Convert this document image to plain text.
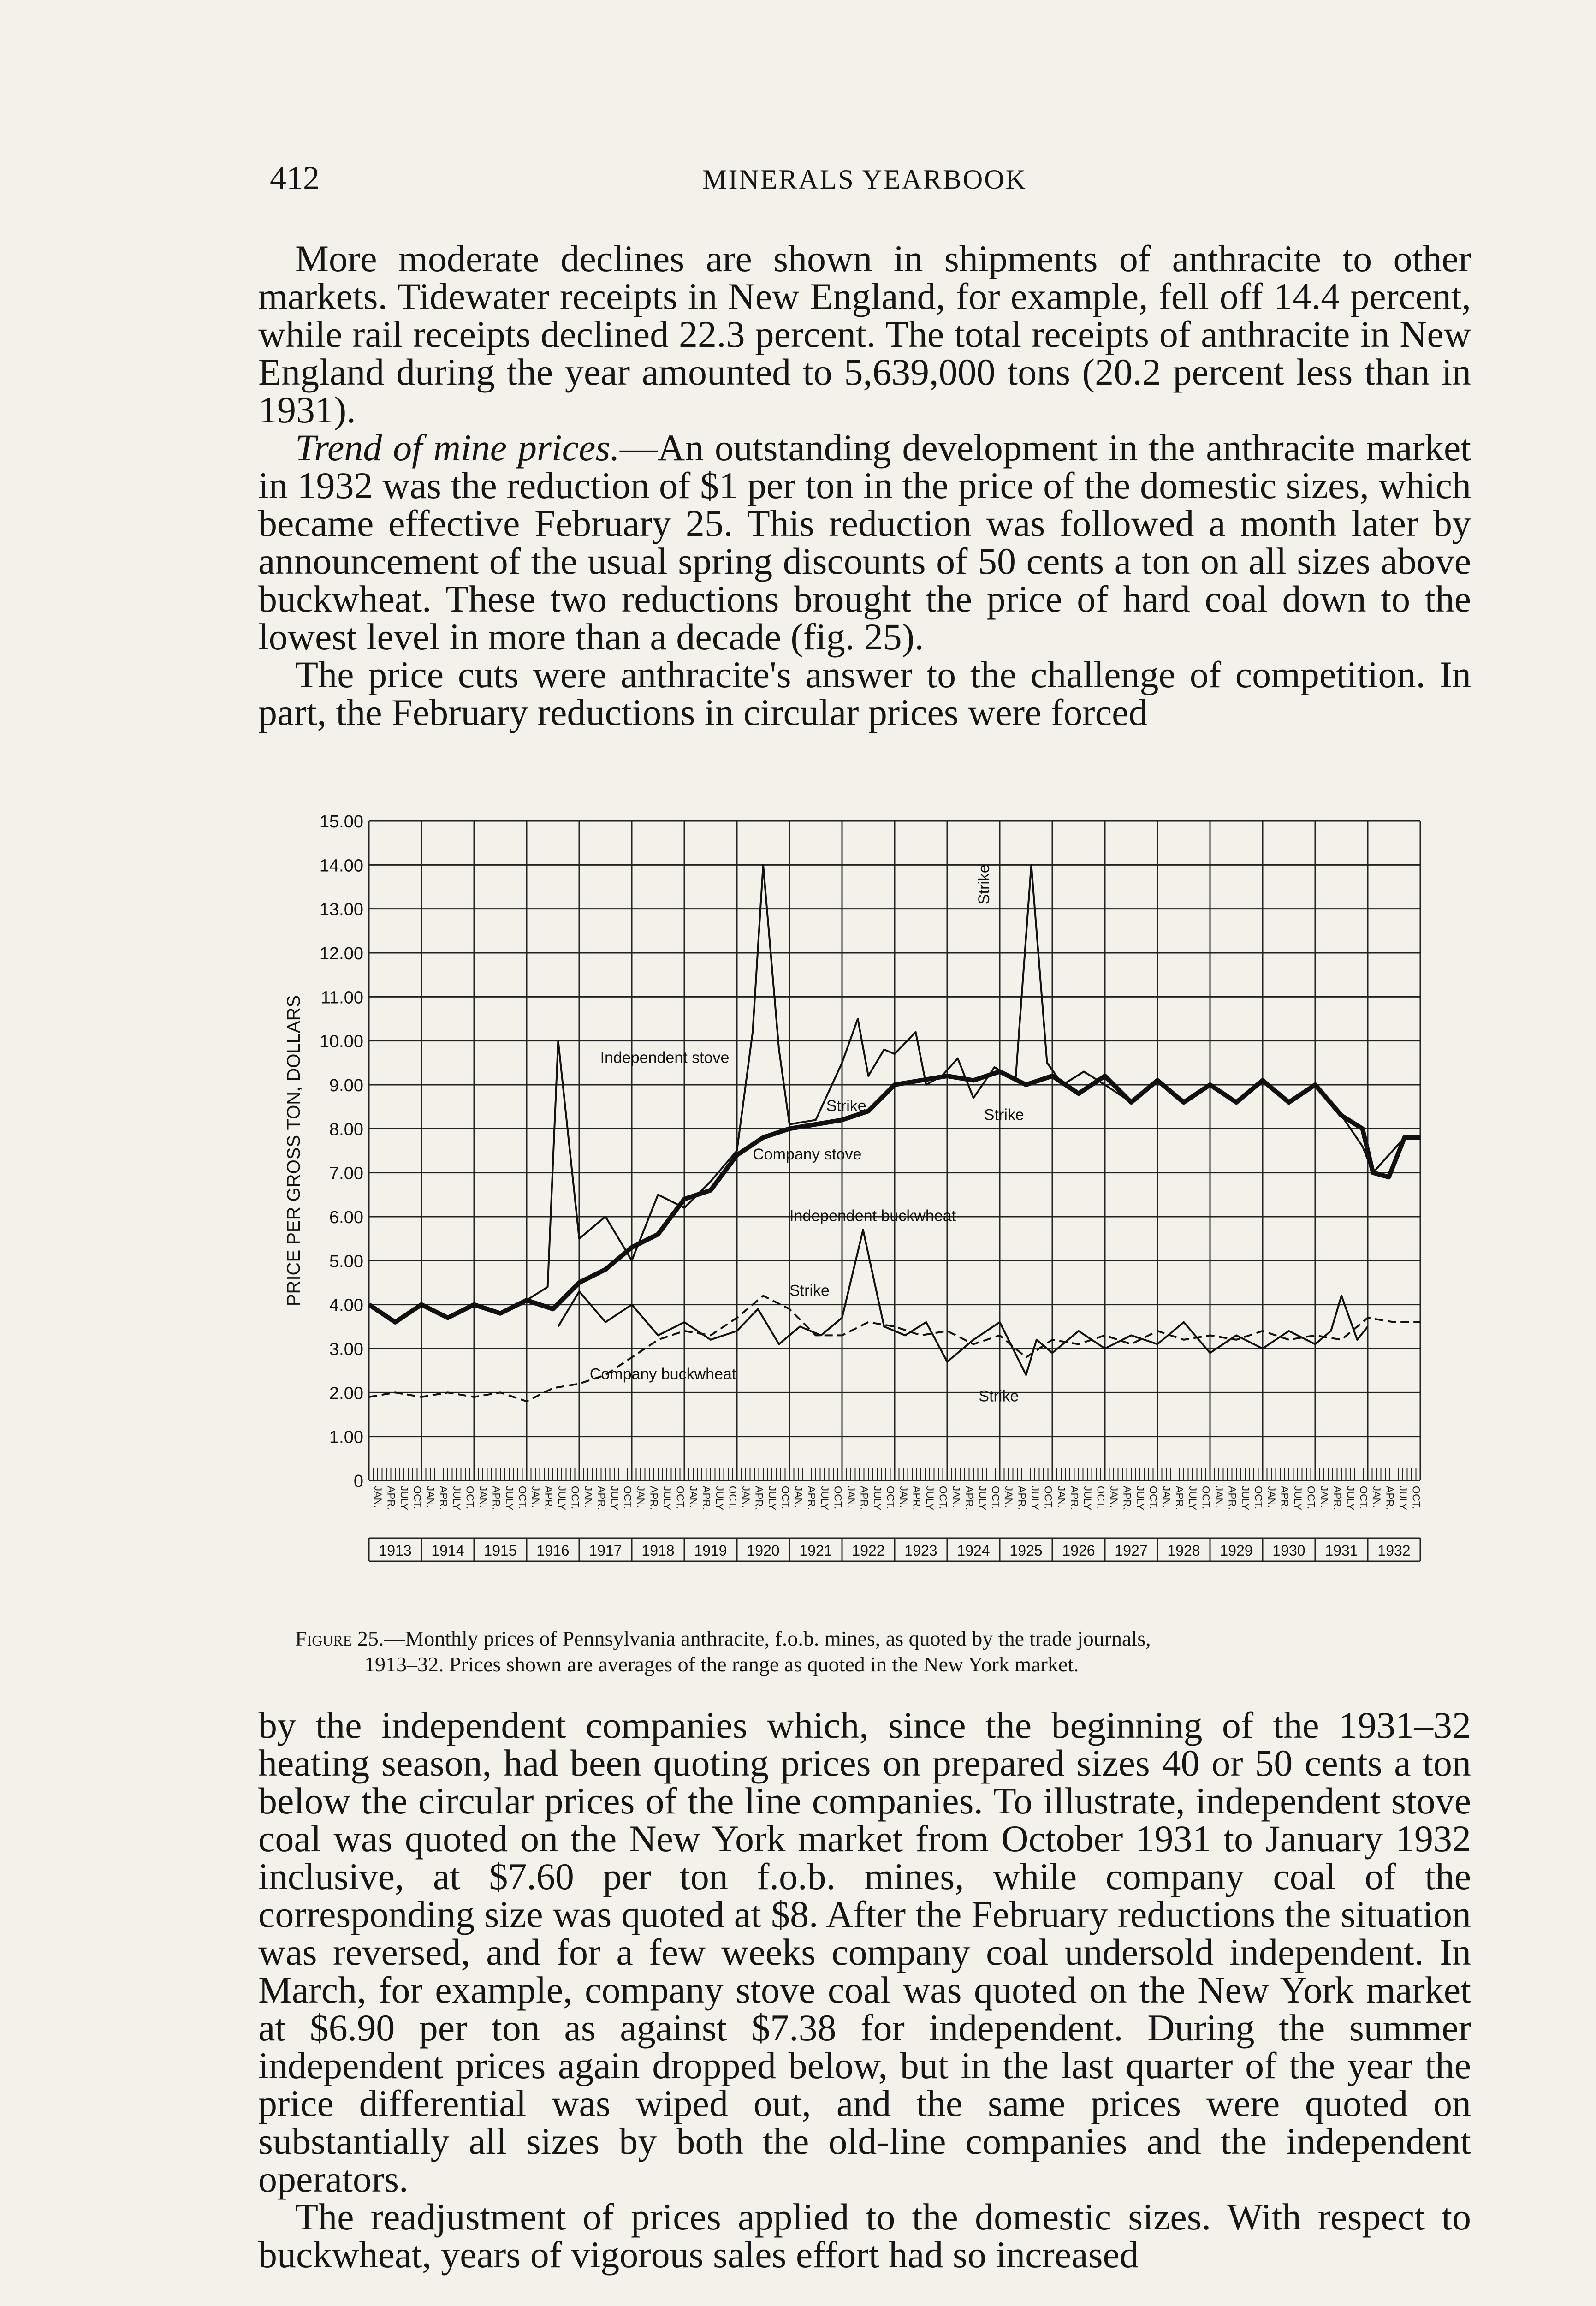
412	MINERALS YEARBOOK

More moderate declines are shown in shipments of anthracite to other markets. Tidewater receipts in New England, for example, fell off 14.4 percent, while rail receipts declined 22.3 percent. The total receipts of anthracite in New England during the year amounted to 5,639,000 tons (20.2 percent less than in 1931).

Trend of mine prices.—An outstanding development in the anthracite market in 1932 was the reduction of $1 per ton in the price of the domestic sizes, which became effective February 25. This reduction was followed a month later by announcement of the usual spring discounts of 50 cents a ton on all sizes above buckwheat. These two reductions brought the price of hard coal down to the lowest level in more than a decade (fig. 25).

The price cuts were anthracite's answer to the challenge of competition. In part, the February reductions in circular prices were forced

0
1.00
2.00
3.00
4.00
5.00
6.00
7.00
8.00
9.00
10.00
11.00
12.00
13.00
14.00
15.00
JAN. APR. JULY OCT. JAN. APR. JULY OCT. JAN. APR. JULY OCT. JAN. APR. JULY OCT. JAN. APR. JULY OCT. JAN. APR. JULY OCT. JAN. APR. JULY OCT. JAN. APR. JULY OCT. JAN. APR. JULY OCT. JAN. APR. JULY OCT. JAN. APR. JULY OCT. JAN. APR. JULY OCT. JAN. APR. JULY OCT. JAN. APR. JULY OCT. JAN. APR. JULY OCT. JAN. APR. JULY OCT. JAN. APR. JULY OCT. JAN. APR. JULY OCT. JAN. APR. JULY OCT. JAN. APR. JULY OCT.
1913 1914 1915 1916 1917 1918 1919 1920 1921 1922 1923 1924 1925 1926 1927 1928 1929 1930 1931 1932
PRICE PER GROSS TON, DOLLARS	Independent stove
Company stove
Independent buckwheat
Company buckwheat
Strike
Strike
Strike
Strike
Strike
Figure 25.—Monthly prices of Pennsylvania anthracite, f.o.b. mines, as quoted by the trade journals,
1913–32. Prices shown are averages of the range as quoted in the New York market.

by the independent companies which, since the beginning of the 1931–32 heating season, had been quoting prices on prepared sizes 40 or 50 cents a ton below the circular prices of the line companies. To illustrate, independent stove coal was quoted on the New York market from October 1931 to January 1932 inclusive, at $7.60 per ton f.o.b. mines, while company coal of the corresponding size was quoted at $8. After the February reductions the situation was reversed, and for a few weeks company coal undersold independent. In March, for example, company stove coal was quoted on the New York market at $6.90 per ton as against $7.38 for independent. During the summer independent prices again dropped below, but in the last quarter of the year the price differential was wiped out, and the same prices were quoted on substantially all sizes by both the old-line companies and the independent operators.

The readjustment of prices applied to the domestic sizes. With respect to buckwheat, years of vigorous sales effort had so increased
